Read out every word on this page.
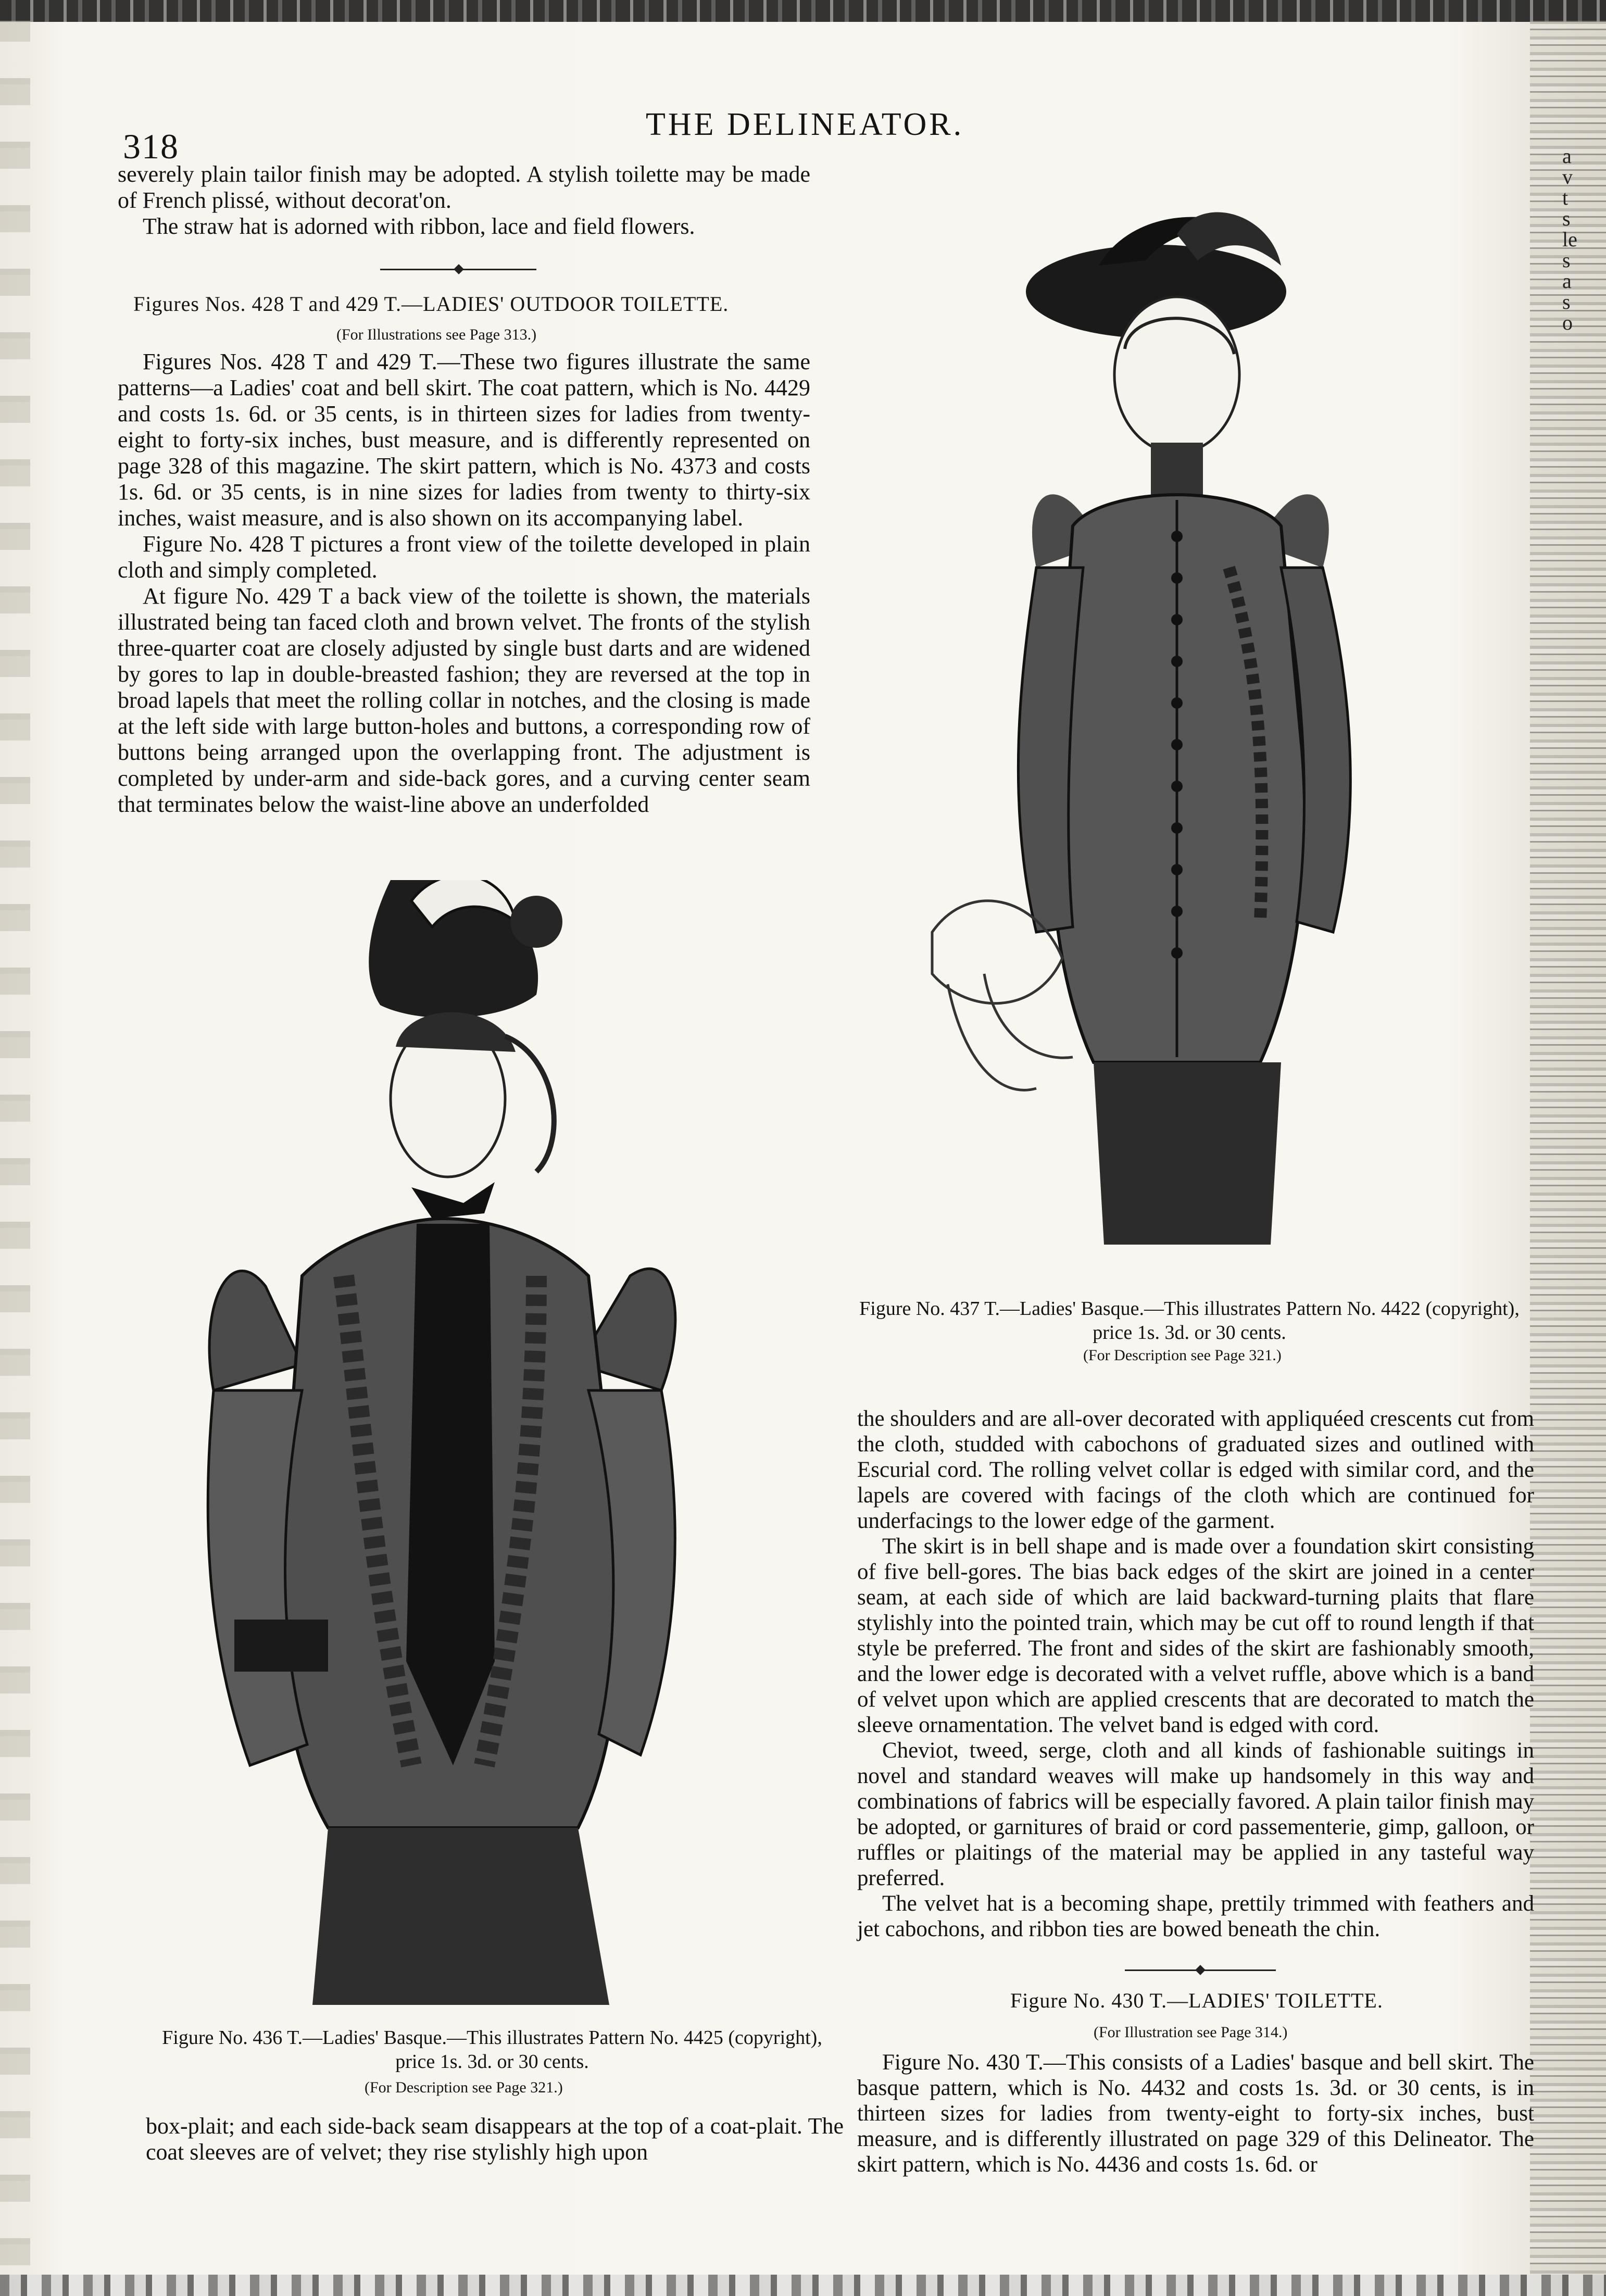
318
THE DELINEATOR.

severely plain tailor finish may be adopted. A stylish toilette may be made of French plissé, without decorat'on.

The straw hat is adorned with ribbon, lace and field flowers.

Figures Nos. 428 T and 429 T.—LADIES' OUTDOOR TOILETTE.
(For Illustrations see Page 313.)

Figures Nos. 428 T and 429 T.—These two figures illustrate the same patterns—a Ladies' coat and bell skirt. The coat pattern, which is No. 4429 and costs 1s. 6d. or 35 cents, is in thirteen sizes for ladies from twenty-eight to forty-six inches, bust measure, and is differently represented on page 328 of this magazine. The skirt pattern, which is No. 4373 and costs 1s. 6d. or 35 cents, is in nine sizes for ladies from twenty to thirty-six inches, waist measure, and is also shown on its accompanying label.

Figure No. 428 T pictures a front view of the toilette developed in plain cloth and simply completed.

At figure No. 429 T a back view of the toilette is shown, the materials illustrated being tan faced cloth and brown velvet. The fronts of the stylish three-quarter coat are closely adjusted by single bust darts and are widened by gores to lap in double-breasted fashion; they are reversed at the top in broad lapels that meet the rolling collar in notches, and the closing is made at the left side with large button-holes and buttons, a corresponding row of buttons being arranged upon the overlapping front. The adjustment is completed by under-arm and side-back gores, and a curving center seam that terminates below the waist-line above an underfolded

Figure No. 437 T.—Ladies' Basque.—This illustrates Pattern No. 4422 (copyright), price 1s. 3d. or 30 cents.
(For Description see Page 321.)
Figure No. 436 T.—Ladies' Basque.—This illustrates Pattern No. 4425 (copyright), price 1s. 3d. or 30 cents.
(For Description see Page 321.)
box-plait; and each side-back seam disappears at the top of a coat-plait. The coat sleeves are of velvet; they rise stylishly high upon

the shoulders and are all-over decorated with appliquéed crescents cut from the cloth, studded with cabochons of graduated sizes and outlined with Escurial cord. The rolling velvet collar is edged with similar cord, and the lapels are covered with facings of the cloth which are continued for underfacings to the lower edge of the garment.

The skirt is in bell shape and is made over a foundation skirt consisting of five bell-gores. The bias back edges of the skirt are joined in a center seam, at each side of which are laid backward-turning plaits that flare stylishly into the pointed train, which may be cut off to round length if that style be preferred. The front and sides of the skirt are fashionably smooth, and the lower edge is decorated with a velvet ruffle, above which is a band of velvet upon which are applied crescents that are decorated to match the sleeve ornamentation. The velvet band is edged with cord.

Cheviot, tweed, serge, cloth and all kinds of fashionable suitings in novel and standard weaves will make up handsomely in this way and combinations of fabrics will be especially favored. A plain tailor finish may be adopted, or garnitures of braid or cord passementerie, gimp, galloon, or ruffles or plaitings of the material may be applied in any tasteful way preferred.

The velvet hat is a becoming shape, prettily trimmed with feathers and jet cabochons, and ribbon ties are bowed beneath the chin.

Figure No. 430 T.—LADIES' TOILETTE.
(For Illustration see Page 314.)
Figure No. 430 T.—This consists of a Ladies' basque and bell skirt. The basque pattern, which is No. 4432 and costs 1s. 3d. or 30 cents, is in thirteen sizes for ladies from twenty-eight to forty-six inches, bust measure, and is differently illustrated on page 329 of this Delineator. The skirt pattern, which is No. 4436 and costs 1s. 6d. or
a
v
t
s
le
s
a
s
o
